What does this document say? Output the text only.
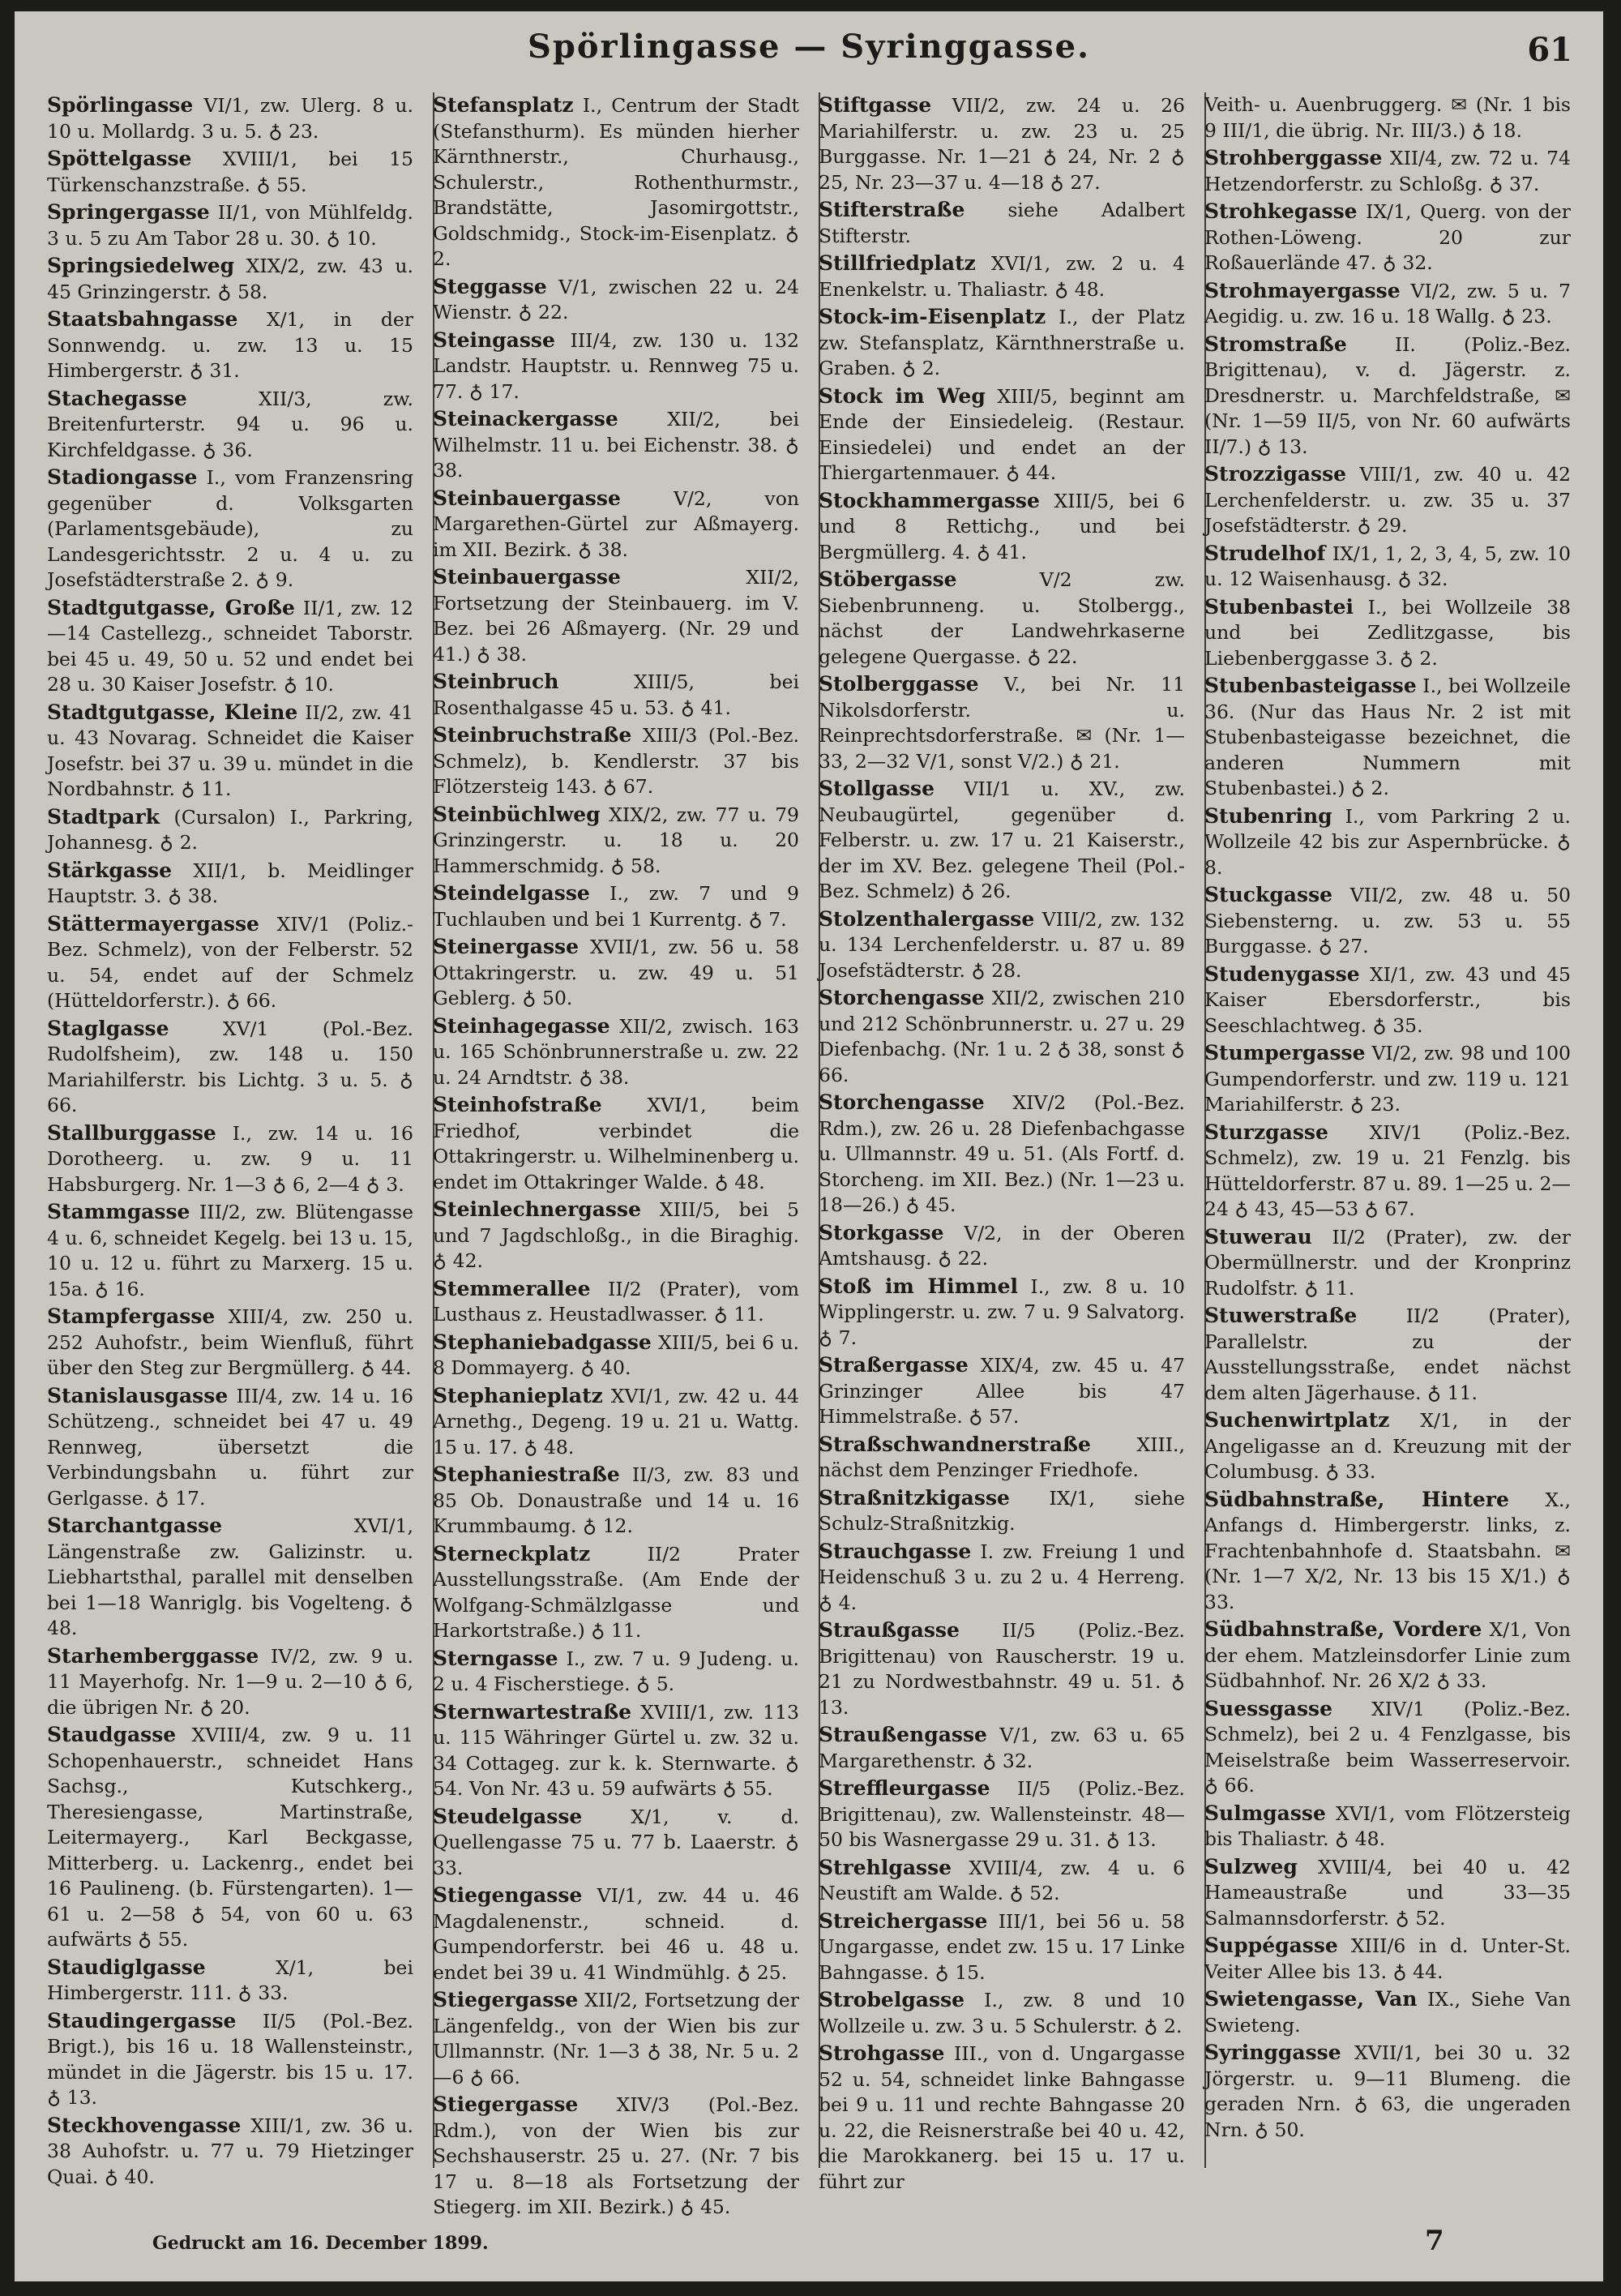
Spörlingasse — Syringgasse.	61

Spörlingasse VI/1, zw. Ulerg. 8 u. 10 u. Mollardg. 3 u. 5. ♁ 23.

Spöttelgasse XVIII/1, bei 15 Türkenschanzstraße. ♁ 55.

Springergasse II/1, von Mühlfeldg. 3 u. 5 zu Am Tabor 28 u. 30. ♁ 10.

Springsiedelweg XIX/2, zw. 43 u. 45 Grinzingerstr. ♁ 58.

Staatsbahngasse X/1, in der Sonnwendg. u. zw. 13 u. 15 Himbergerstr. ♁ 31.

Stachegasse	XII/3, zw. Breitenfurterstr. 94 u. 96 u. Kirchfeldgasse. ♁ 36.

Stadiongasse I., vom Franzensring gegenüber d. Volksgarten (Parlamentsgebäude), zu Landesgerichtsstr. 2 u. 4 u. zu Josefstädterstraße 2. ♁ 9.

Stadtgutgasse, Große II/1, zw. 12—14 Castellezg., schneidet Taborstr. bei 45 u. 49, 50 u. 52 und endet bei 28 u. 30 Kaiser Josefstr. ♁ 10.

Stadtgutgasse, Kleine II/2, zw. 41 u. 43 Novarag. Schneidet die Kaiser Josefstr. bei 37 u. 39 u. mündet in die Nordbahnstr. ♁ 11.

Stadtpark (Cursalon) I., Parkring, Johannesg. ♁ 2.

Stärkgasse XII/1, b. Meidlinger Hauptstr. 3. ♁ 38.

Stättermayergasse XIV/1 (Poliz.-Bez. Schmelz), von der Felberstr. 52 u. 54, endet auf der Schmelz (Hütteldorferstr.). ♁ 66.

Staglgasse	XV/1 (Pol.-Bez. Rudolfsheim), zw. 148 u. 150 Mariahilferstr. bis Lichtg. 3 u. 5. ♁ 66.

Stallburggasse I., zw. 14 u. 16 Dorotheerg. u. zw. 9 u. 11 Habsburgerg. Nr. 1—3 ♁ 6, 2—4 ♁ 3.

Stammgasse III/2, zw. Blütengasse 4 u. 6, schneidet Kegelg. bei 13 u. 15, 10 u. 12 u. führt zu Marxerg. 15 u. 15a. ♁ 16.

Stampfergasse XIII/4, zw. 250 u. 252 Auhofstr., beim Wienfluß, führt über den Steg zur Bergmüllerg. ♁ 44.

Stanislausgasse III/4, zw. 14 u. 16 Schützeng., schneidet bei 47 u. 49 Rennweg, übersetzt die Verbindungsbahn u. führt zur Gerlgasse. ♁ 17.

Starchantgasse	XVI/1, Längenstraße zw. Galizinstr. u. Liebhartsthal, parallel mit denselben bei 1—18 Wanriglg. bis Vogelteng. ♁ 48.

Starhemberggasse IV/2, zw. 9 u. 11 Mayerhofg. Nr. 1—9 u. 2—10 ♁ 6, die übrigen Nr. ♁ 20.

Staudgasse XVIII/4, zw. 9 u. 11 Schopenhauerstr., schneidet Hans Sachsg., Kutschkerg., Theresiengasse, Martinstraße, Leitermayerg., Karl Beckgasse, Mitterberg. u. Lackenrg., endet bei 16 Paulineng. (b. Fürstengarten). 1—61 u. 2—58 ♁ 54, von 60 u. 63 aufwärts ♁ 55.

Staudiglgasse	X/1, bei Himbergerstr. 111. ♁ 33.

Staudingergasse II/5 (Pol.-Bez. Brigt.), bis 16 u. 18 Wallensteinstr., mündet in die Jägerstr. bis 15 u. 17. ♁ 13.

Steckhovengasse XIII/1, zw. 36 u. 38 Auhofstr. u. 77 u. 79 Hietzinger Quai. ♁ 40.

Stefansplatz I., Centrum der Stadt (Stefansthurm). Es münden hierher Kärnthnerstr., Churhausg., Schulerstr., Rothenthurmstr., Brandstätte, Jasomirgottstr., Goldschmidg., Stock-im-Eisenplatz. ♁ 2.

Steggasse V/1, zwischen 22 u. 24 Wienstr. ♁ 22.

Steingasse III/4, zw. 130 u. 132 Landstr. Hauptstr. u. Rennweg 75 u. 77. ♁ 17.

Steinackergasse	XII/2, bei Wilhelmstr. 11 u. bei Eichenstr. 38. ♁ 38.

Steinbauergasse	V/2, von Margarethen-Gürtel zur Aßmayerg. im XII. Bezirk. ♁ 38.

Steinbauergasse	XII/2, Fortsetzung der Steinbauerg. im V. Bez. bei 26 Aßmayerg. (Nr. 29 und 41.) ♁ 38.

Steinbruch	XIII/5, bei Rosenthalgasse 45 u. 53. ♁ 41.

Steinbruchstraße XIII/3 (Pol.-Bez. Schmelz), b. Kendlerstr. 37 bis Flötzersteig 143. ♁ 67.

Steinbüchlweg XIX/2, zw. 77 u. 79 Grinzingerstr. u. 18 u. 20 Hammerschmidg. ♁ 58.

Steindelgasse I., zw. 7 und 9 Tuchlauben und bei 1 Kurrentg. ♁ 7.

Steinergasse XVII/1, zw. 56 u. 58 Ottakringerstr. u. zw. 49 u. 51 Geblerg. ♁ 50.

Steinhagegasse XII/2, zwisch. 163 u. 165 Schönbrunnerstraße u. zw. 22 u. 24 Arndtstr. ♁ 38.

Steinhofstraße XVI/1, beim Friedhof, verbindet die Ottakringerstr. u. Wilhelminenberg u. endet im Ottakringer Walde. ♁ 48.

Steinlechnergasse XIII/5, bei 5 und 7 Jagdschloßg., in die Biraghig. ♁ 42.

Stemmerallee II/2 (Prater), vom Lusthaus z. Heustadlwasser. ♁ 11.

Stephaniebadgasse XIII/5, bei 6 u. 8 Dommayerg. ♁ 40.

Stephanieplatz XVI/1, zw. 42 u. 44 Arnethg., Degeng. 19 u. 21 u. Wattg. 15 u. 17. ♁ 48.

Stephaniestraße II/3, zw. 83 und 85 Ob. Donaustraße und 14 u. 16 Krummbaumg. ♁ 12.

Sterneckplatz	II/2 Prater Ausstellungsstraße. (Am Ende der Wolfgang-Schmälzlgasse und Harkortstraße.) ♁ 11.

Sterngasse I., zw. 7 u. 9 Judeng. u. 2 u. 4 Fischerstiege. ♁ 5.

Sternwartestraße XVIII/1, zw. 113 u. 115 Währinger Gürtel u. zw. 32 u. 34 Cottageg. zur k. k. Sternwarte. ♁ 54. Von Nr. 43 u. 59 aufwärts ♁ 55.

Steudelgasse	X/1, v. d. Quellengasse 75 u. 77 b. Laaerstr. ♁ 33.

Stiegengasse VI/1, zw. 44 u. 46 Magdalenenstr., schneid. d. Gumpendorferstr. bei 46 u. 48 u. endet bei 39 u. 41 Windmühlg. ♁ 25.

Stiegergasse XII/2, Fortsetzung der Längenfeldg., von der Wien bis zur Ullmannstr. (Nr. 1—3 ♁ 38, Nr. 5 u. 2—6 ♁ 66.

Stiegergasse XIV/3 (Pol.-Bez. Rdm.), von der Wien bis zur Sechshauserstr. 25 u. 27. (Nr. 7 bis 17 u. 8—18 als Fortsetzung der Stiegerg. im XII. Bezirk.) ♁ 45.

Stiftgasse VII/2, zw. 24 u. 26 Mariahilferstr. u. zw. 23 u. 25 Burggasse. Nr. 1—21 ♁ 24, Nr. 2 ♁ 25, Nr. 23—37 u. 4—18 ♁ 27.

Stifterstraße siehe Adalbert Stifterstr.

Stillfriedplatz XVI/1, zw. 2 u. 4 Enenkelstr. u. Thaliastr. ♁ 48.

Stock-im-Eisenplatz I., der Platz zw. Stefansplatz, Kärnthnerstraße u. Graben. ♁ 2.

Stock im Weg XIII/5, beginnt am Ende der Einsiedeleig. (Restaur. Einsiedelei) und endet an der Thiergartenmauer. ♁ 44.

Stockhammergasse XIII/5, bei 6 und 8 Rettichg., und bei Bergmüllerg. 4. ♁ 41.

Stöbergasse	V/2 zw. Siebenbrunneng. u. Stolbergg., nächst der Landwehrkaserne gelegene Quergasse. ♁ 22.

Stolberggasse V., bei Nr. 11 Nikolsdorferstr. u. Reinprechtsdorferstraße. ✉ (Nr. 1—33, 2—32 V/1, sonst V/2.) ♁ 21.

Stollgasse VII/1 u. XV., zw. Neubaugürtel, gegenüber d. Felberstr. u. zw. 17 u. 21 Kaiserstr., der im XV. Bez. gelegene Theil (Pol.-Bez. Schmelz) ♁ 26.

Stolzenthalergasse VIII/2, zw. 132 u. 134 Lerchenfelderstr. u. 87 u. 89 Josefstädterstr. ♁ 28.

Storchengasse XII/2, zwischen 210 und 212 Schönbrunnerstr. u. 27 u. 29 Diefenbachg. (Nr. 1 u. 2 ♁ 38, sonst ♁ 66.

Storchengasse XIV/2 (Pol.-Bez. Rdm.), zw. 26 u. 28 Diefenbachgasse u. Ullmannstr. 49 u. 51. (Als Fortf. d. Storcheng. im XII. Bez.) (Nr. 1—23 u. 18—26.) ♁ 45.

Storkgasse V/2, in der Oberen Amtshausg. ♁ 22.

Stoß im Himmel I., zw. 8 u. 10 Wipplingerstr. u. zw. 7 u. 9 Salvatorg. ♁ 7.

Straßergasse XIX/4, zw. 45 u. 47 Grinzinger Allee bis 47 Himmelstraße. ♁ 57.

Straßschwandnerstraße XIII., nächst dem Penzinger Friedhofe.

Straßnitzkigasse IX/1, siehe Schulz-Straßnitzkig.

Strauchgasse I. zw. Freiung 1 und Heidenschuß 3 u. zu 2 u. 4 Herreng. ♁ 4.

Straußgasse II/5 (Poliz.-Bez. Brigittenau) von Rauscherstr. 19 u. 21 zu Nordwestbahnstr. 49 u. 51. ♁ 13.

Straußengasse V/1, zw. 63 u. 65 Margarethenstr. ♁ 32.

Streffleurgasse II/5 (Poliz.-Bez. Brigittenau), zw. Wallensteinstr. 48—50 bis Wasnergasse 29 u. 31. ♁ 13.

Strehlgasse XVIII/4, zw. 4 u. 6 Neustift am Walde. ♁ 52.

Streichergasse III/1, bei 56 u. 58 Ungargasse, endet zw. 15 u. 17 Linke Bahngasse. ♁ 15.

Strobelgasse I., zw. 8 und 10 Wollzeile u. zw. 3 u. 5 Schulerstr. ♁ 2.

Strohgasse III., von d. Ungargasse 52 u. 54, schneidet linke Bahngasse bei 9 u. 11 und rechte Bahngasse 20 u. 22, die Reisnerstraße bei 40 u. 42, die Marokkanerg. bei 15 u. 17 u. führt zur

Veith- u. Auenbruggerg. ✉ (Nr. 1 bis 9 III/1, die übrig. Nr. III/3.) ♁ 18.

Strohberggasse XII/4, zw. 72 u. 74 Hetzendorferstr. zu Schloßg. ♁ 37.

Strohkegasse IX/1, Querg. von der Rothen-Löweng. 20 zur Roßauerlände 47. ♁ 32.

Strohmayergasse VI/2, zw. 5 u. 7 Aegidig. u. zw. 16 u. 18 Wallg. ♁ 23.

Stromstraße	II. (Poliz.-Bez. Brigittenau), v. d. Jägerstr. z. Dresdnerstr. u. Marchfeldstraße, ✉ (Nr. 1—59 II/5, von Nr. 60 aufwärts II/7.) ♁ 13.

Strozzigasse VIII/1, zw. 40 u. 42 Lerchenfelderstr. u. zw. 35 u. 37 Josefstädterstr. ♁ 29.

Strudelhof IX/1, 1, 2, 3, 4, 5, zw. 10 u. 12 Waisenhausg. ♁ 32.

Stubenbastei I., bei Wollzeile 38 und bei Zedlitzgasse, bis Liebenberggasse 3. ♁ 2.

Stubenbasteigasse I., bei Wollzeile 36. (Nur das Haus Nr. 2 ist mit Stubenbasteigasse bezeichnet, die anderen Nummern mit Stubenbastei.) ♁ 2.

Stubenring I., vom Parkring 2 u. Wollzeile 42 bis zur Aspernbrücke. ♁ 8.

Stuckgasse VII/2, zw. 48 u. 50 Siebensterng. u. zw. 53 u. 55 Burggasse. ♁ 27.

Studenygasse XI/1, zw. 43 und 45 Kaiser Ebersdorferstr., bis Seeschlachtweg. ♁ 35.

Stumpergasse VI/2, zw. 98 und 100 Gumpendorferstr. und zw. 119 u. 121 Mariahilferstr. ♁ 23.

Sturzgasse XIV/1 (Poliz.-Bez. Schmelz), zw. 19 u. 21 Fenzlg. bis Hütteldorferstr. 87 u. 89. 1—25 u. 2—24 ♁ 43, 45—53 ♁ 67.

Stuwerau II/2 (Prater), zw. der Obermüllnerstr. und der Kronprinz Rudolfstr. ♁ 11.

Stuwerstraße	II/2 (Prater), Parallelstr. zu der Ausstellungsstraße, endet nächst dem alten Jägerhause. ♁ 11.

Suchenwirtplatz X/1, in der Angeligasse an d. Kreuzung mit der Columbusg. ♁ 33.

Südbahnstraße, Hintere X., Anfangs d. Himbergerstr. links, z. Frachtenbahnhofe d. Staatsbahn. ✉ (Nr. 1—7 X/2, Nr. 13 bis 15 X/1.) ♁ 33.

Südbahnstraße, Vordere X/1, Von der ehem. Matzleinsdorfer Linie zum Südbahnhof. Nr. 26 X/2 ♁ 33.

Suessgasse XIV/1 (Poliz.-Bez. Schmelz), bei 2 u. 4 Fenzlgasse, bis Meiselstraße beim Wasserreservoir. ♁ 66.

Sulmgasse XVI/1, vom Flötzersteig bis Thaliastr. ♁ 48.

Sulzweg XVIII/4, bei 40 u. 42 Hameaustraße und 33—35 Salmannsdorferstr. ♁ 52.

Suppégasse XIII/6 in d. Unter-St. Veiter Allee bis 13. ♁ 44.

Swietengasse, Van IX., Siehe Van Swieteng.

Syringgasse XVII/1, bei 30 u. 32 Jörgerstr. u. 9—11 Blumeng. die geraden Nrn. ♁ 63, die ungeraden Nrn. ♁ 50.

Gedruckt am 16. December 1899.	7
